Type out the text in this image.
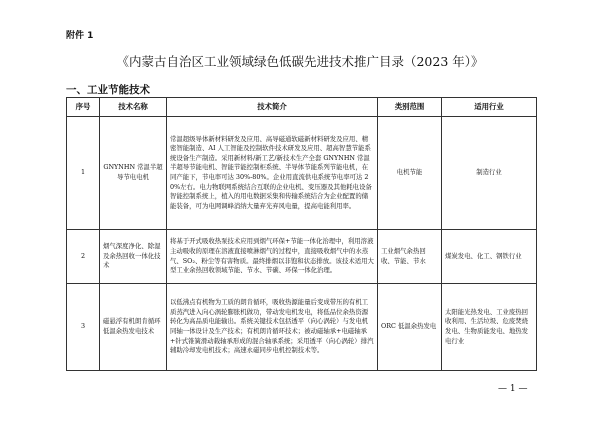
附件 1
《内蒙古自治区工业领域绿色低碳先进技术推广目录（2023 年）》
一、工业节能技术
序号	技术名称	技术简介	类别范围	适用行业
1	GNYNHN 常温半超导节电电机	常温超级导体新材料研发及应用、高导磁通软磁新材料研发及应用、精密智能制造、AI 人工智能及控制软件技术研发及应用、超高智慧节能系统设备生产制造。采用新材料/新工艺/新技术生产全套 GNYNHN 常温半超导节能电机、智能节能控制柜系统、半导体节能系列节能电机，在同产能下，节电率可达 30%-80%。企业用直流供电系统节电率可达 20%左右。电力物联网系统结合互联的企业电机、变压器及其他耗电设备智能控制系统上，植入的用电数据采集和传输系统结合为企业配置的储能装备，可为电网调峰消纳大量弃光弃风电量，提高电能利用率。	电机节能	制造行业
2	烟气深度净化、除湿及余热回收一体化技术	将基于开式吸收热泵技术应用到烟气环保+节能一体化治理中，利用溶液主动吸收的原理在溶液直接喷淋烟气的过程中，直接吸收烟气中的水蒸气、SO₂、粉尘等有害物质。最终排烟以非饱和状态排放。该技术适用大型工业余热回收领域节能、节水、节碳、环保一体化治理。	工业烟气余热回收、节能、节水	煤炭发电、化工、钢铁行业
3	磁悬浮有机朗肯循环低温余热发电技术	以低沸点有机物为工质的朗肯循环，吸收热源能量后变成带压的有机工质蒸汽进入向心涡轮膨胀机做功，带动发电机发电，将低品位余热资源转化为高品质电能输出。系统关键技术包括透平（向心涡轮）与发电机同轴一体设计及生产技术；有机朗肯循环技术；被动磁轴承+电磁轴承+针式锥簧滑动载轴承形成的混合轴承系统；采用透平（向心涡轮）排汽辅助冷却发电机技术；高速永磁同步电机控制技术等。	ORC 低温余热发电	太阳能光热发电、工业废热回收利用、生活垃圾、危废焚烧发电、生物质能发电、地热发电行业
— 1 —
